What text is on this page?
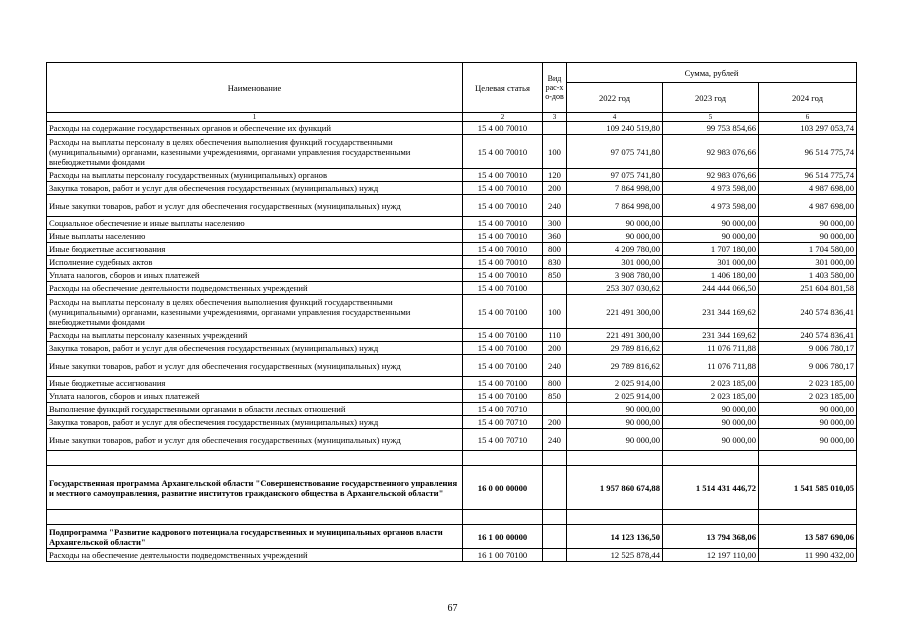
Наименование	Целевая статья	Вид рас-хо-дов	Сумма, рублей		
			2022 год	2023 год	2024 год
1	2	3	4	5	6
Расходы на содержание государственных органов и обеспечение их функций	15 4 00 70010		109 240 519,80	99 753 854,66	103 297 053,74
Расходы на выплаты персоналу в целях обеспечения выполнения функций государственными (муниципальными) органами, казенными учреждениями, органами управления государственными внебюджетными фондами	15 4 00 70010	100	97 075 741,80	92 983 076,66	96 514 775,74
Расходы на выплаты персоналу государственных (муниципальных) органов	15 4 00 70010	120	97 075 741,80	92 983 076,66	96 514 775,74
Закупка товаров, работ и услуг для обеспечения государственных (муниципальных) нужд	15 4 00 70010	200	7 864 998,00	4 973 598,00	4 987 698,00
Иные закупки товаров, работ и услуг для обеспечения государственных (муниципальных) нужд	15 4 00 70010	240	7 864 998,00	4 973 598,00	4 987 698,00
Социальное обеспечение и иные выплаты населению	15 4 00 70010	300	90 000,00	90 000,00	90 000,00
Иные выплаты населению	15 4 00 70010	360	90 000,00	90 000,00	90 000,00
Иные бюджетные ассигнования	15 4 00 70010	800	4 209 780,00	1 707 180,00	1 704 580,00
Исполнение судебных актов	15 4 00 70010	830	301 000,00	301 000,00	301 000,00
Уплата налогов, сборов и иных платежей	15 4 00 70010	850	3 908 780,00	1 406 180,00	1 403 580,00
Расходы на обеспечение деятельности подведомственных учреждений	15 4 00 70100		253 307 030,62	244 444 066,50	251 604 801,58
Расходы на выплаты персоналу в целях обеспечения выполнения функций государственными (муниципальными) органами, казенными учреждениями, органами управления государственными внебюджетными фондами	15 4 00 70100	100	221 491 300,00	231 344 169,62	240 574 836,41
Расходы на выплаты персоналу казенных учреждений	15 4 00 70100	110	221 491 300,00	231 344 169,62	240 574 836,41
Закупка товаров, работ и услуг для обеспечения государственных (муниципальных) нужд	15 4 00 70100	200	29 789 816,62	11 076 711,88	9 006 780,17
Иные закупки товаров, работ и услуг для обеспечения государственных (муниципальных) нужд	15 4 00 70100	240	29 789 816,62	11 076 711,88	9 006 780,17
Иные бюджетные ассигнования	15 4 00 70100	800	2 025 914,00	2 023 185,00	2 023 185,00
Уплата налогов, сборов и иных платежей	15 4 00 70100	850	2 025 914,00	2 023 185,00	2 023 185,00
Выполнение функций государственными органами в области лесных отношений	15 4 00 70710		90 000,00	90 000,00	90 000,00
Закупка товаров, работ и услуг для обеспечения государственных (муниципальных) нужд	15 4 00 70710	200	90 000,00	90 000,00	90 000,00
Иные закупки товаров, работ и услуг для обеспечения государственных (муниципальных) нужд	15 4 00 70710	240	90 000,00	90 000,00	90 000,00

Государственная программа Архангельской области "Совершенствование государственного управления и местного самоуправления, развитие институтов гражданского общества в Архангельской области"	16 0 00 00000		1 957 860 674,88	1 514 431 446,72	1 541 585 010,05

Подпрограмма "Развитие кадрового потенциала государственных и муниципальных органов власти Архангельской области"	16 1 00 00000		14 123 136,50	13 794 368,06	13 587 690,06
Расходы на обеспечение деятельности подведомственных учреждений	16 1 00 70100		12 525 878,44	12 197 110,00	11 990 432,00
67
